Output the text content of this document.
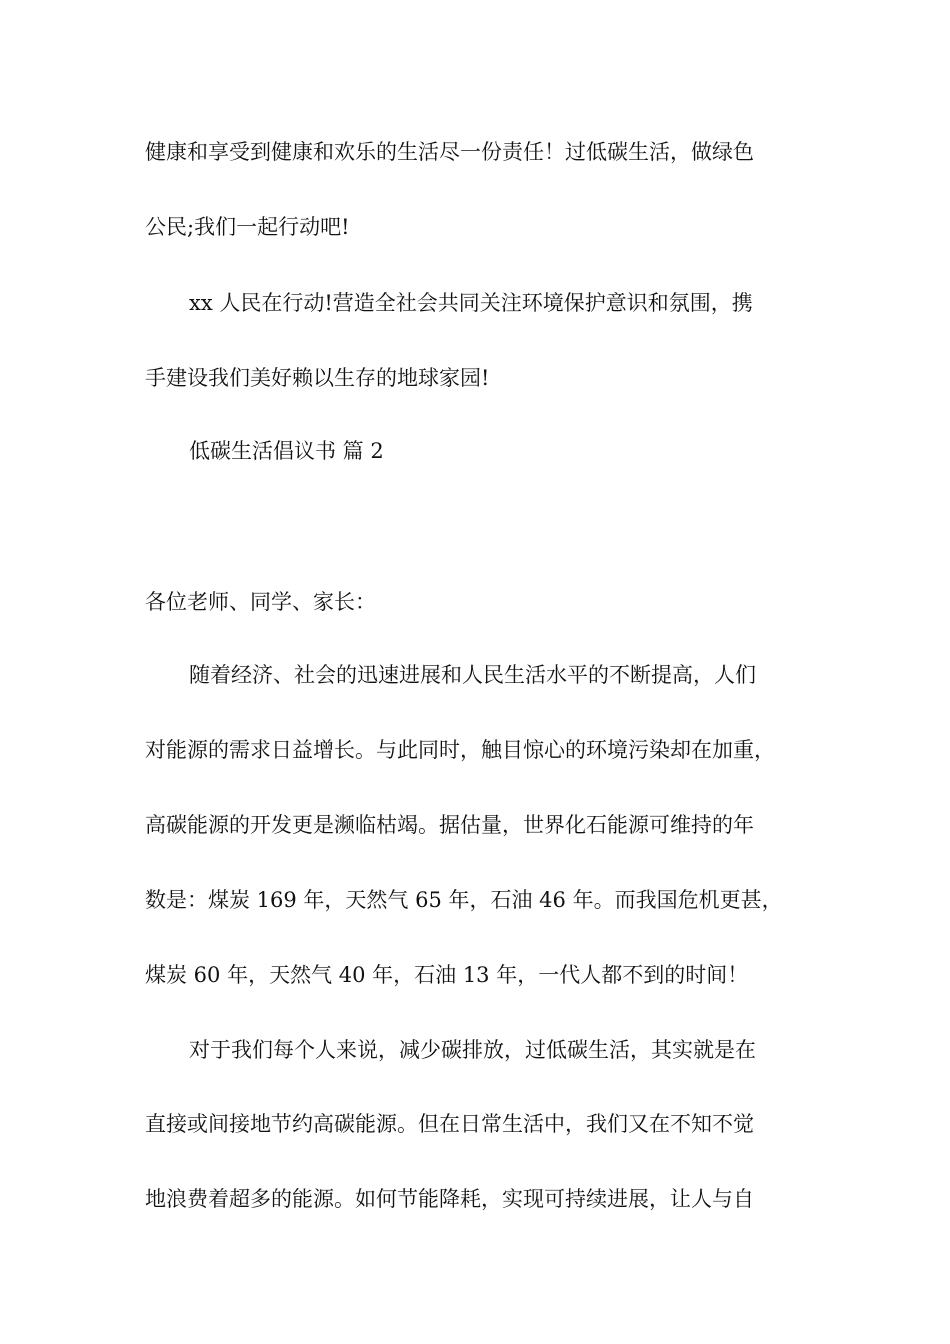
健康和享受到健康和欢乐的生活尽一份责任！过低碳生活，做绿色
公民;我们一起行动吧!
xx 人民在行动!营造全社会共同关注环境保护意识和氛围，携
手建设我们美好赖以生存的地球家园!
低碳生活倡议书 篇 2
各位老师、同学、家长：
随着经济、社会的迅速进展和人民生活水平的不断提高，人们
对能源的需求日益增长。与此同时，触目惊心的环境污染却在加重，
高碳能源的开发更是濒临枯竭。据估量，世界化石能源可维持的年
数是：煤炭 169 年，天然气 65 年，石油 46 年。而我国危机更甚，
煤炭 60 年，天然气 40 年，石油 13 年，一代人都不到的时间！
对于我们每个人来说，减少碳排放，过低碳生活，其实就是在
直接或间接地节约高碳能源。但在日常生活中，我们又在不知不觉
地浪费着超多的能源。如何节能降耗，实现可持续进展，让人与自
